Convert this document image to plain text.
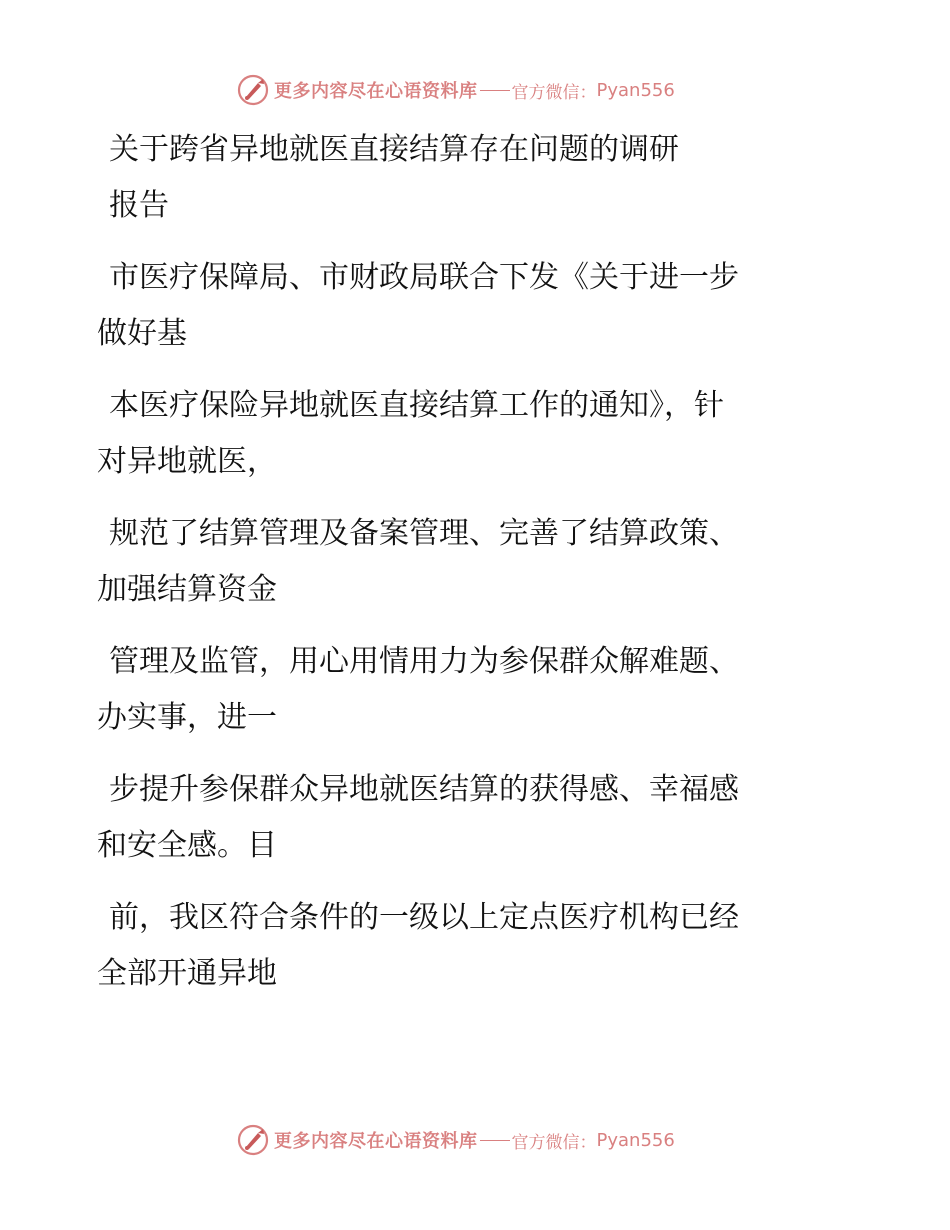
更多内容尽在心语资料库 官方微信： Pyan556
关于跨省异地就医直接结算存在问题的调研
报告
市医疗保障局、市财政局联合下发《关于进一步
做好基
本医疗保险异地就医直接结算工作的通知》，针
对异地就医，
规范了结算管理及备案管理、完善了结算政策、
加强结算资金
管理及监管，用心用情用力为参保群众解难题、
办实事，进一
步提升参保群众异地就医结算的获得感、幸福感
和安全感。目
前，我区符合条件的一级以上定点医疗机构已经
全部开通异地
更多内容尽在心语资料库 官方微信： Pyan556
